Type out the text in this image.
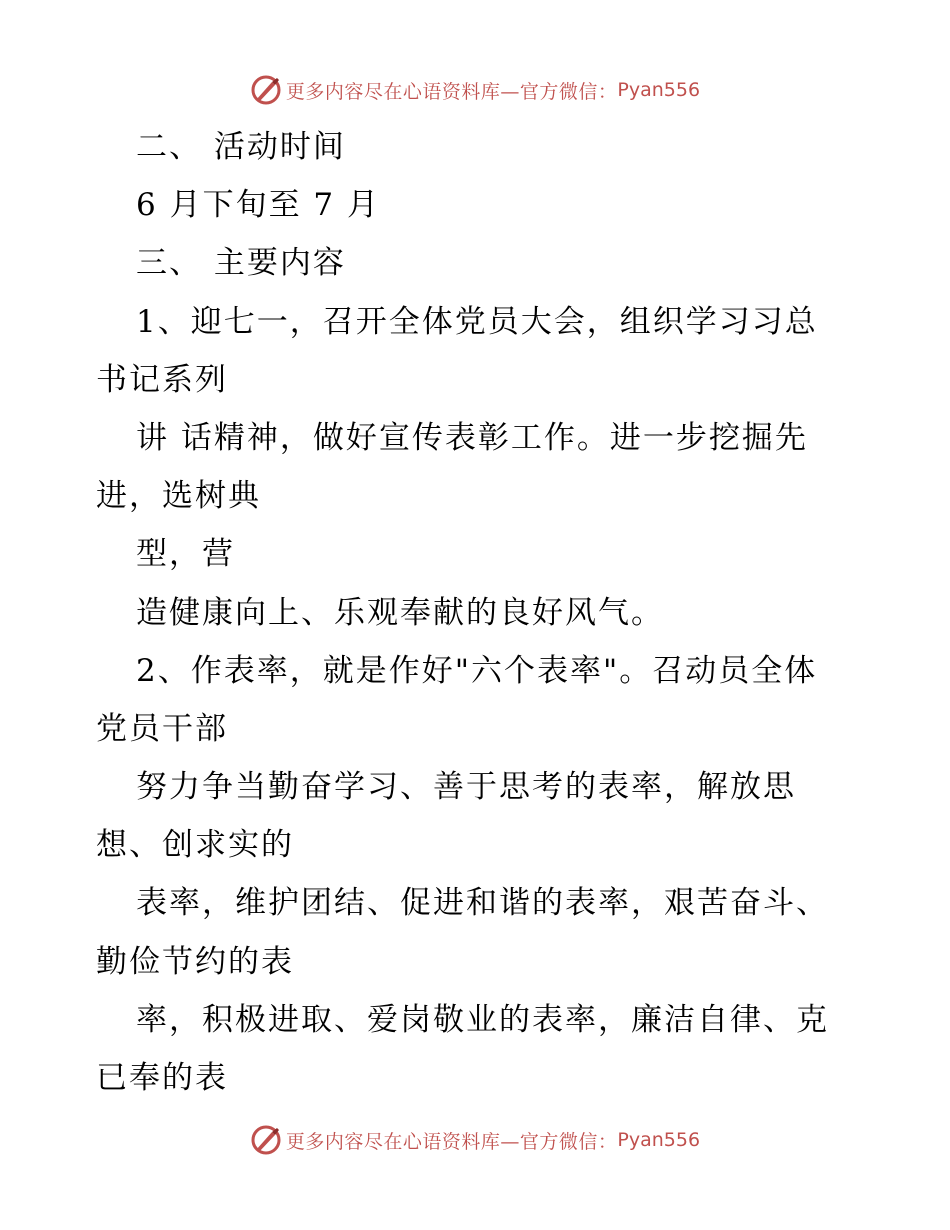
更多内容尽在心语资料库—官方微信： Pyan556
二、 活动时间
6 月下旬至 7 月
三、 主要内容
1、迎七一，召开全体党员大会，组织学习习总
书记系列
讲 话精神，做好宣传表彰工作。进一步挖掘先
进，选树典
型，营
造健康向上、乐观奉献的良好风气。
2、作表率，就是作好"六个表率"。召动员全体
党员干部
努力争当勤奋学习、善于思考的表率，解放思
想、创求实的
表率，维护团结、促进和谐的表率，艰苦奋斗、
勤俭节约的表
率，积极进取、爱岗敬业的表率，廉洁自律、克
已奉的表
更多内容尽在心语资料库—官方微信： Pyan556
